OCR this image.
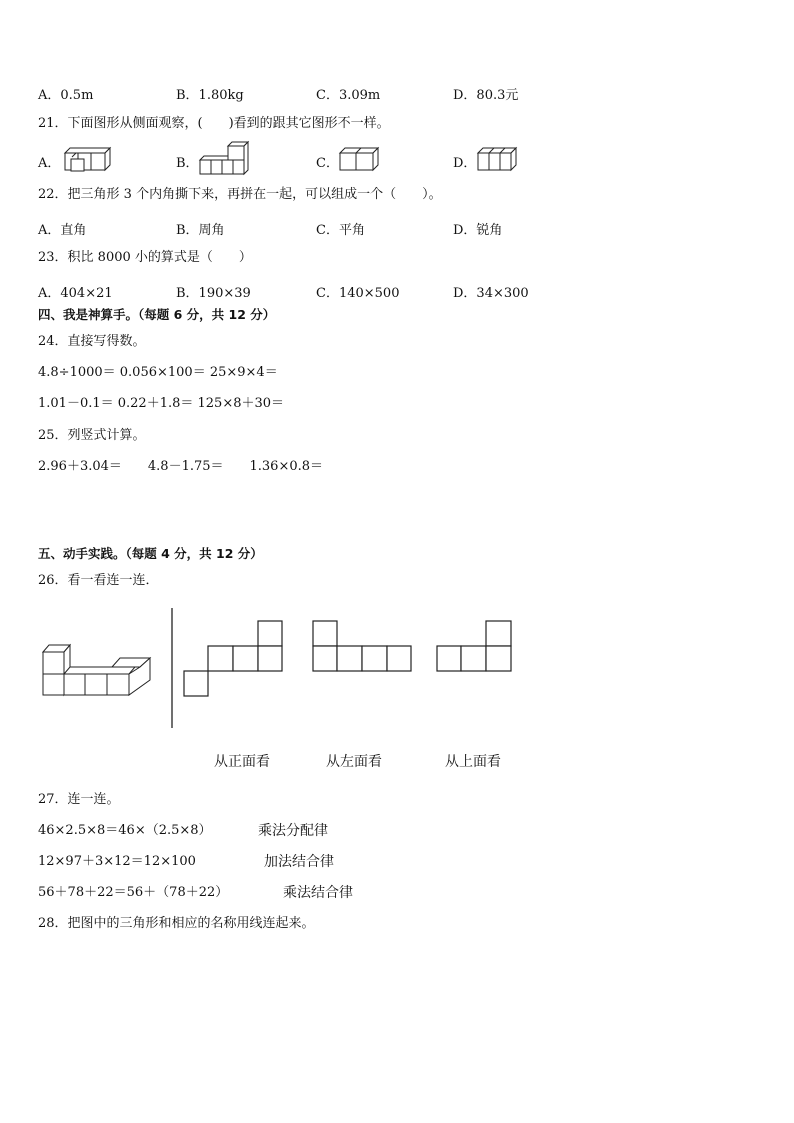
A．0.5m	B．1.80kg	C．3.09m	D．80.3元
21．下面图形从侧面观察，(　　)看到的跟其它图形不一样。
A．	B．	C．	D．
22．把三角形 3 个内角撕下来，再拼在一起，可以组成一个（　　）。
A．直角	B．周角	C．平角	D．锐角
23．积比 8000 小的算式是（　　）
A．404×21	B．190×39	C．140×500	D．34×300
四、我是神算手。（每题 6 分，共 12 分）
24．直接写得数。
4.8÷1000＝ 0.056×100＝ 25×9×4＝
1.01－0.1＝ 0.22＋1.8＝ 125×8＋30＝
25．列竖式计算。
2.96＋3.04＝　　4.8－1.75＝　　1.36×0.8＝
五、动手实践。（每题 4 分，共 12 分）
26．看一看连一连．
从正面看	从左面看	从上面看
27．连一连。
46×2.5×8＝46×（2.5×8）	乘法分配律
12×97＋3×12＝12×100	加法结合律
56＋78＋22＝56＋（78＋22）	乘法结合律
28．把图中的三角形和相应的名称用线连起来。
